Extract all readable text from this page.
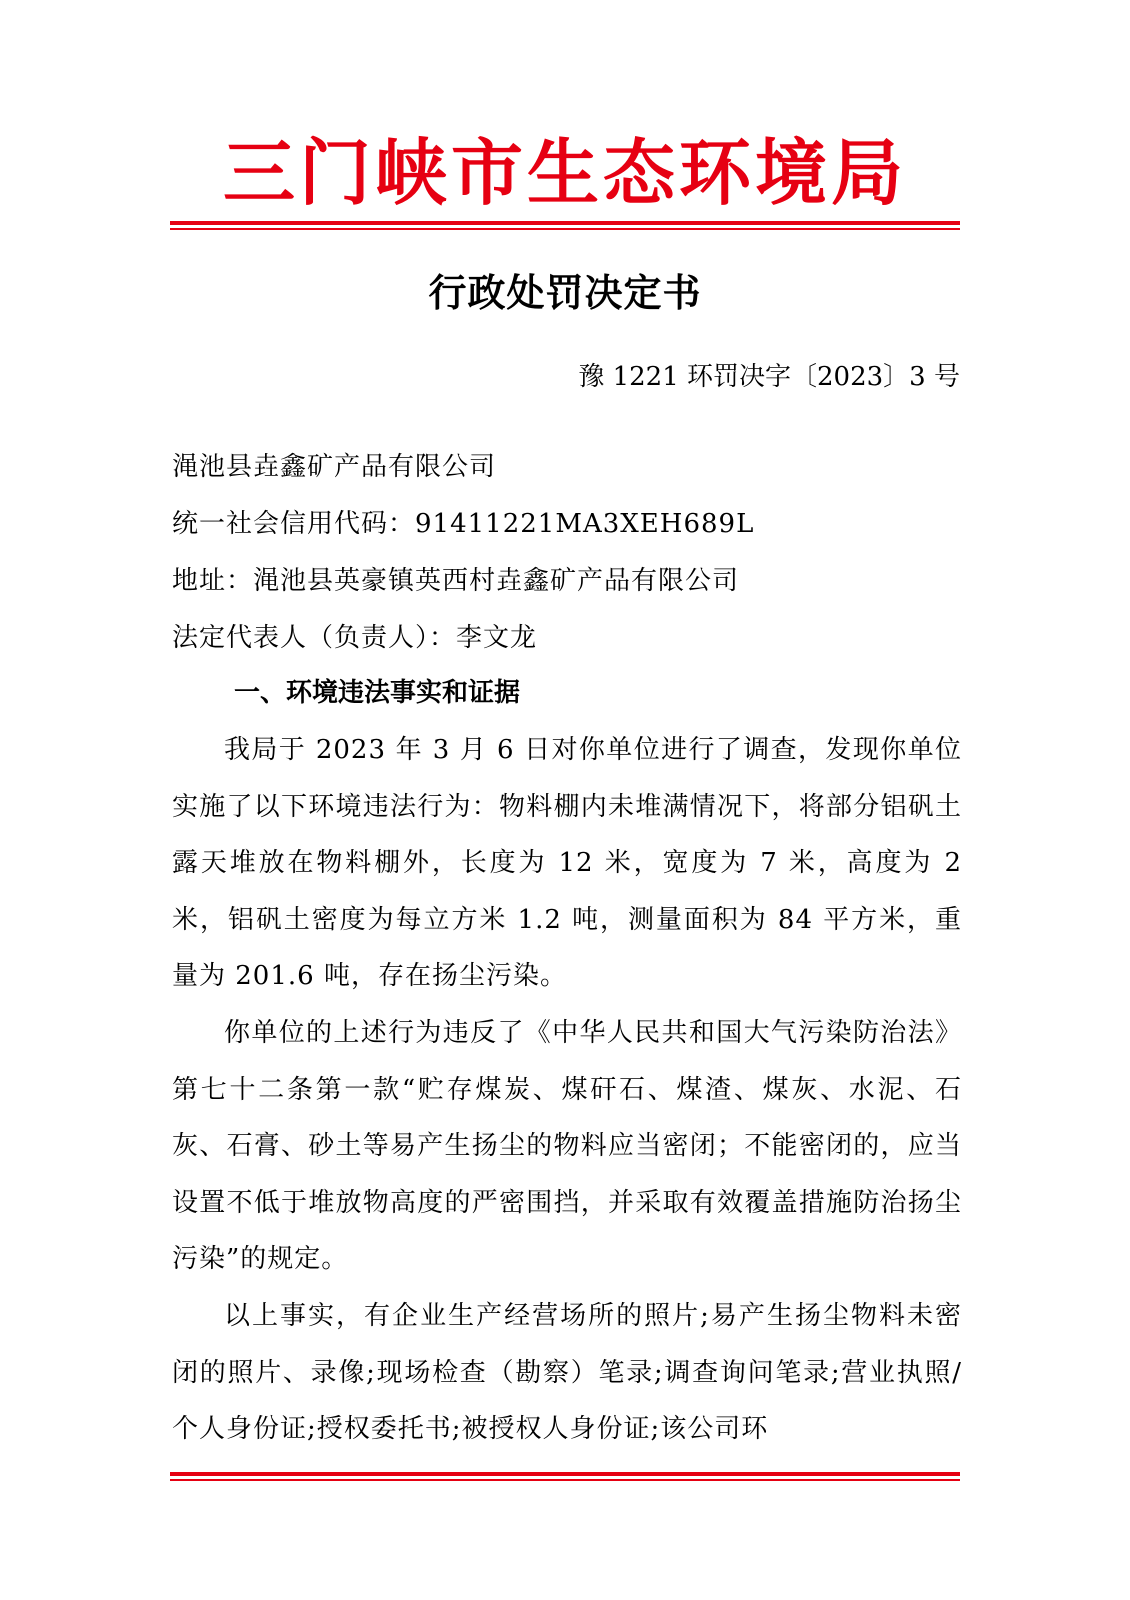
三门峡市生态环境局
行政处罚决定书
豫 1221 环罚决字〔2023〕3 号
渑池县垚鑫矿产品有限公司
统一社会信用代码：91411221MA3XEH689L
地址：渑池县英豪镇英西村垚鑫矿产品有限公司
法定代表人（负责人）：李文龙
一、环境违法事实和证据

我局于 2023 年 3 月 6 日对你单位进行了调查，发现你单位实施了以下环境违法行为：物料棚内未堆满情况下，将部分铝矾土露天堆放在物料棚外，长度为 12 米，宽度为 7 米，高度为 2 米，铝矾土密度为每立方米 1.2 吨，测量面积为 84 平方米，重量为 201.6 吨，存在扬尘污染。

你单位的上述行为违反了《中华人民共和国大气污染防治法》第七十二条第一款“贮存煤炭、煤矸石、煤渣、煤灰、水泥、石灰、石膏、砂土等易产生扬尘的物料应当密闭；不能密闭的，应当设置不低于堆放物高度的严密围挡，并采取有效覆盖措施防治扬尘污染”的规定。

以上事实，有企业生产经营场所的照片;易产生扬尘物料未密闭的照片、录像;现场检查（勘察）笔录;调查询问笔录;营业执照/个人身份证;授权委托书;被授权人身份证;该公司环
